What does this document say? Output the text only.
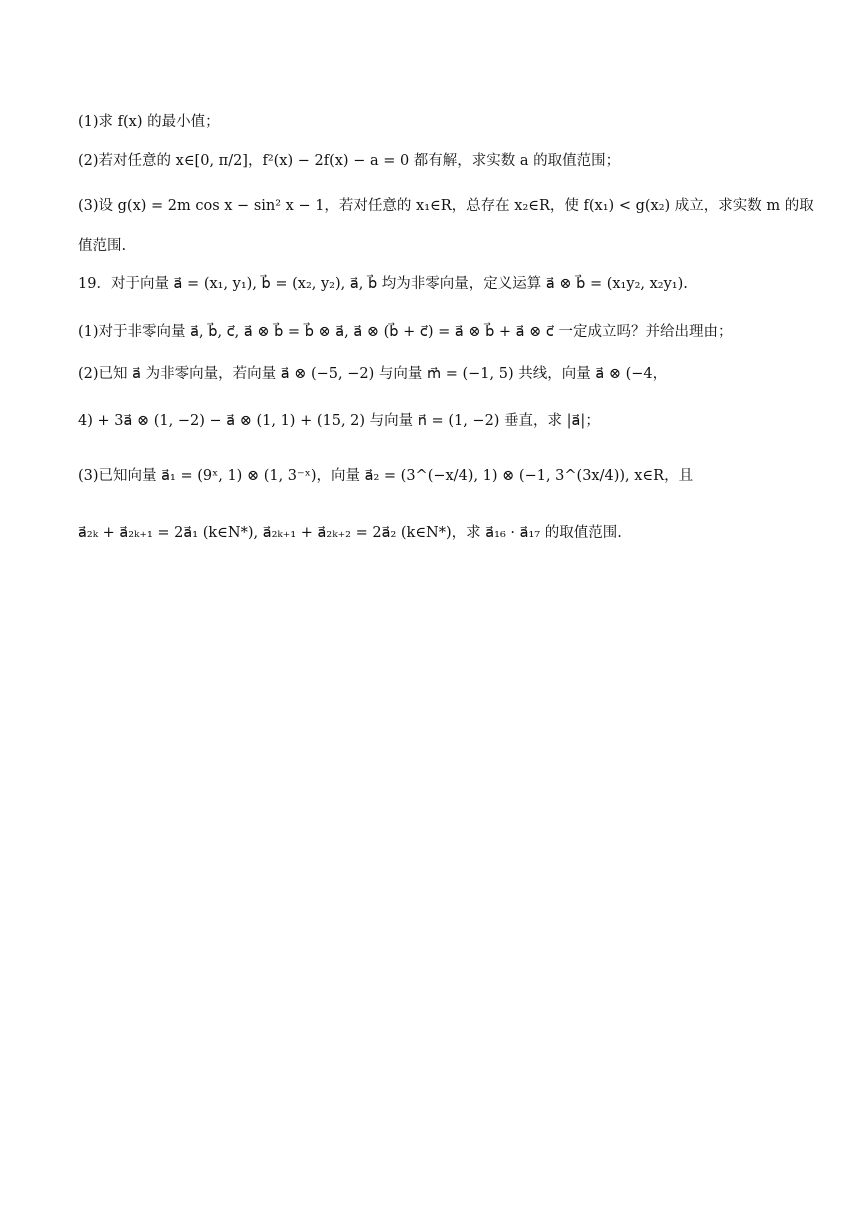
(1)求 f(x) 的最小值；
(2)若对任意的 x∈[0, π/2]，f²(x) − 2f(x) − a = 0 都有解，求实数 a 的取值范围；
(3)设 g(x) = 2m cos x − sin² x − 1，若对任意的 x₁∈R，总存在 x₂∈R，使 f(x₁) < g(x₂) 成立，求实数 m 的取
值范围.
19．对于向量 a⃗ = (x₁, y₁), b⃗ = (x₂, y₂), a⃗, b⃗ 均为非零向量，定义运算 a⃗ ⊗ b⃗ = (x₁y₂, x₂y₁).
(1)对于非零向量 a⃗, b⃗, c⃗, a⃗ ⊗ b⃗ = b⃗ ⊗ a⃗, a⃗ ⊗ (b⃗ + c⃗) = a⃗ ⊗ b⃗ + a⃗ ⊗ c⃗ 一定成立吗？并给出理由；
(2)已知 a⃗ 为非零向量，若向量 a⃗ ⊗ (−5, −2) 与向量 m⃗ = (−1, 5) 共线，向量 a⃗ ⊗ (−4，
4) + 3a⃗ ⊗ (1, −2) − a⃗ ⊗ (1, 1) + (15, 2) 与向量 n⃗ = (1, −2) 垂直，求 |a⃗|；
(3)已知向量 a⃗₁ = (9ˣ, 1) ⊗ (1, 3⁻ˣ)，向量 a⃗₂ = (3^(−x/4), 1) ⊗ (−1, 3^(3x/4)), x∈R，且
a⃗₂ₖ + a⃗₂ₖ₊₁ = 2a⃗₁ (k∈N*), a⃗₂ₖ₊₁ + a⃗₂ₖ₊₂ = 2a⃗₂ (k∈N*)，求 a⃗₁₆ · a⃗₁₇ 的取值范围.
